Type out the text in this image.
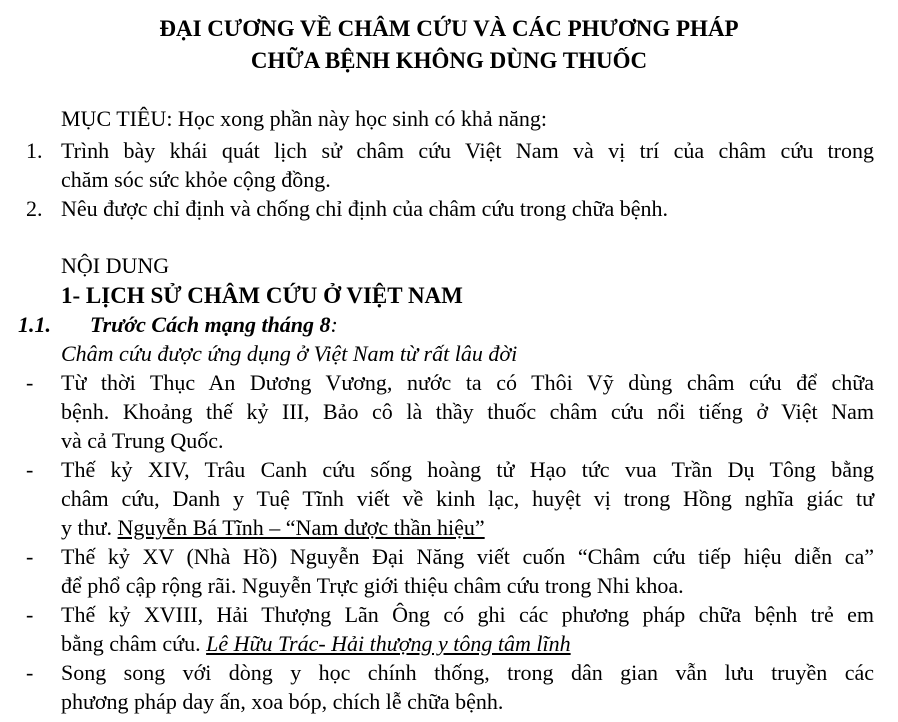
ĐẠI CƯƠNG VỀ CHÂM CỨU VÀ CÁC PHƯƠNG PHÁP
CHỮA BỆNH KHÔNG DÙNG THUỐC

MỤC TIÊU: Học xong phần này học sinh có khả năng:

1. Trình bày khái quát lịch sử châm cứu Việt Nam và vị trí của châm cứu trong

chăm sóc sức khỏe cộng đồng.

2. Nêu được chỉ định và chống chỉ định của châm cứu trong chữa bệnh.

NỘI DUNG

1- LỊCH SỬ CHÂM CỨU Ở VIỆT NAM

1.1. Trước Cách mạng tháng 8:

Châm cứu được ứng dụng ở Việt Nam từ rất lâu đời

- Từ thời Thục An Dương Vương, nước ta có Thôi Vỹ dùng châm cứu để chữa

bệnh. Khoảng thế kỷ III, Bảo cô là thầy thuốc châm cứu nổi tiếng ở Việt Nam

và cả Trung Quốc.

- Thế kỷ XIV, Trâu Canh cứu sống hoàng tử Hạo tức vua Trần Dụ Tông bằng

châm cứu, Danh y Tuệ Tĩnh viết về kinh lạc, huyệt vị trong Hồng nghĩa giác tư

y thư. Nguyễn Bá Tĩnh – “Nam dược thần hiệu”

- Thế kỷ XV (Nhà Hồ) Nguyễn Đại Năng viết cuốn “Châm cứu tiếp hiệu diễn ca”

để phổ cập rộng rãi. Nguyễn Trực giới thiệu châm cứu trong Nhi khoa.

- Thế kỷ XVIII, Hải Thượng Lãn Ông có ghi các phương pháp chữa bệnh trẻ em

bằng châm cứu. Lê Hữu Trác- Hải thượng y tông tâm lĩnh

- Song song với dòng y học chính thống, trong dân gian vẫn lưu truyền các

phương pháp day ấn, xoa bóp, chích lễ chữa bệnh.
